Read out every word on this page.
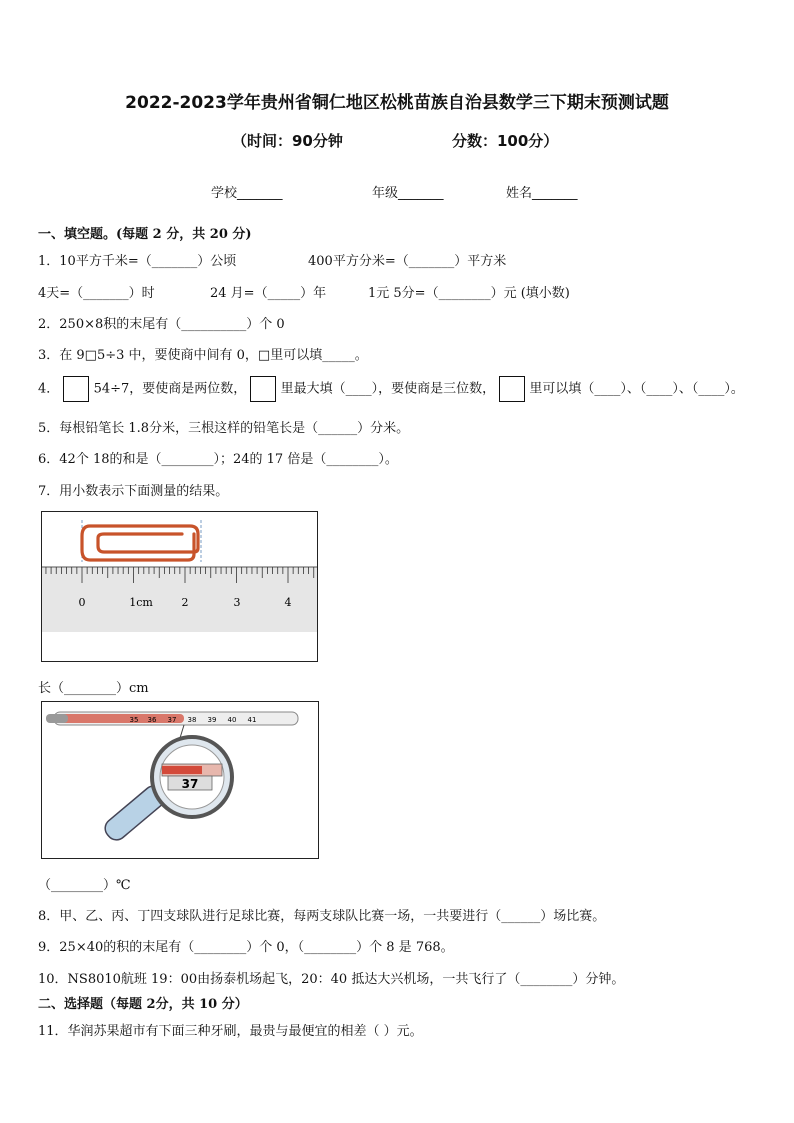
2022-2023学年贵州省铜仁地区松桃苗族自治县数学三下期末预测试题
（时间：90分钟	分数：100分）
学校_______	年级_______	姓名_______
一、填空题。(每题 2 分，共 20 分)
1．10平方千米=（_______）公顷	400平方分米=（_______）平方米
4天=（_______）时	24 月=（_____）年	1元 5分=（________）元 (填小数)
2．250×8积的末尾有（__________）个 0
3．在 9□5÷3 中，要使商中间有 0，□里可以填_____。
4．	54÷7，要使商是两位数，	里最大填（____），要使商是三位数，	里可以填（____）、（____）、（____）。
5．每根铅笔长 1.8分米，三根这样的铅笔长是（______）分米。
6．42个 18的和是（________）；24的 17 倍是（________）。
7．用小数表示下面测量的结果。
0	1cm	2	3	4
长（________）cm
35 36 37 38 39 40 41
37
（________）℃
8．甲、乙、丙、丁四支球队进行足球比赛，每两支球队比赛一场，一共要进行（______）场比赛。
9．25×40的积的末尾有（________）个 0，（________）个 8 是 768。
10．NS8010航班 19：00由扬泰机场起飞，20：40 抵达大兴机场，一共飞行了（________）分钟。
二、选择题（每题 2分，共 10 分）
11．华润苏果超市有下面三种牙刷，最贵与最便宜的相差（ ）元。
